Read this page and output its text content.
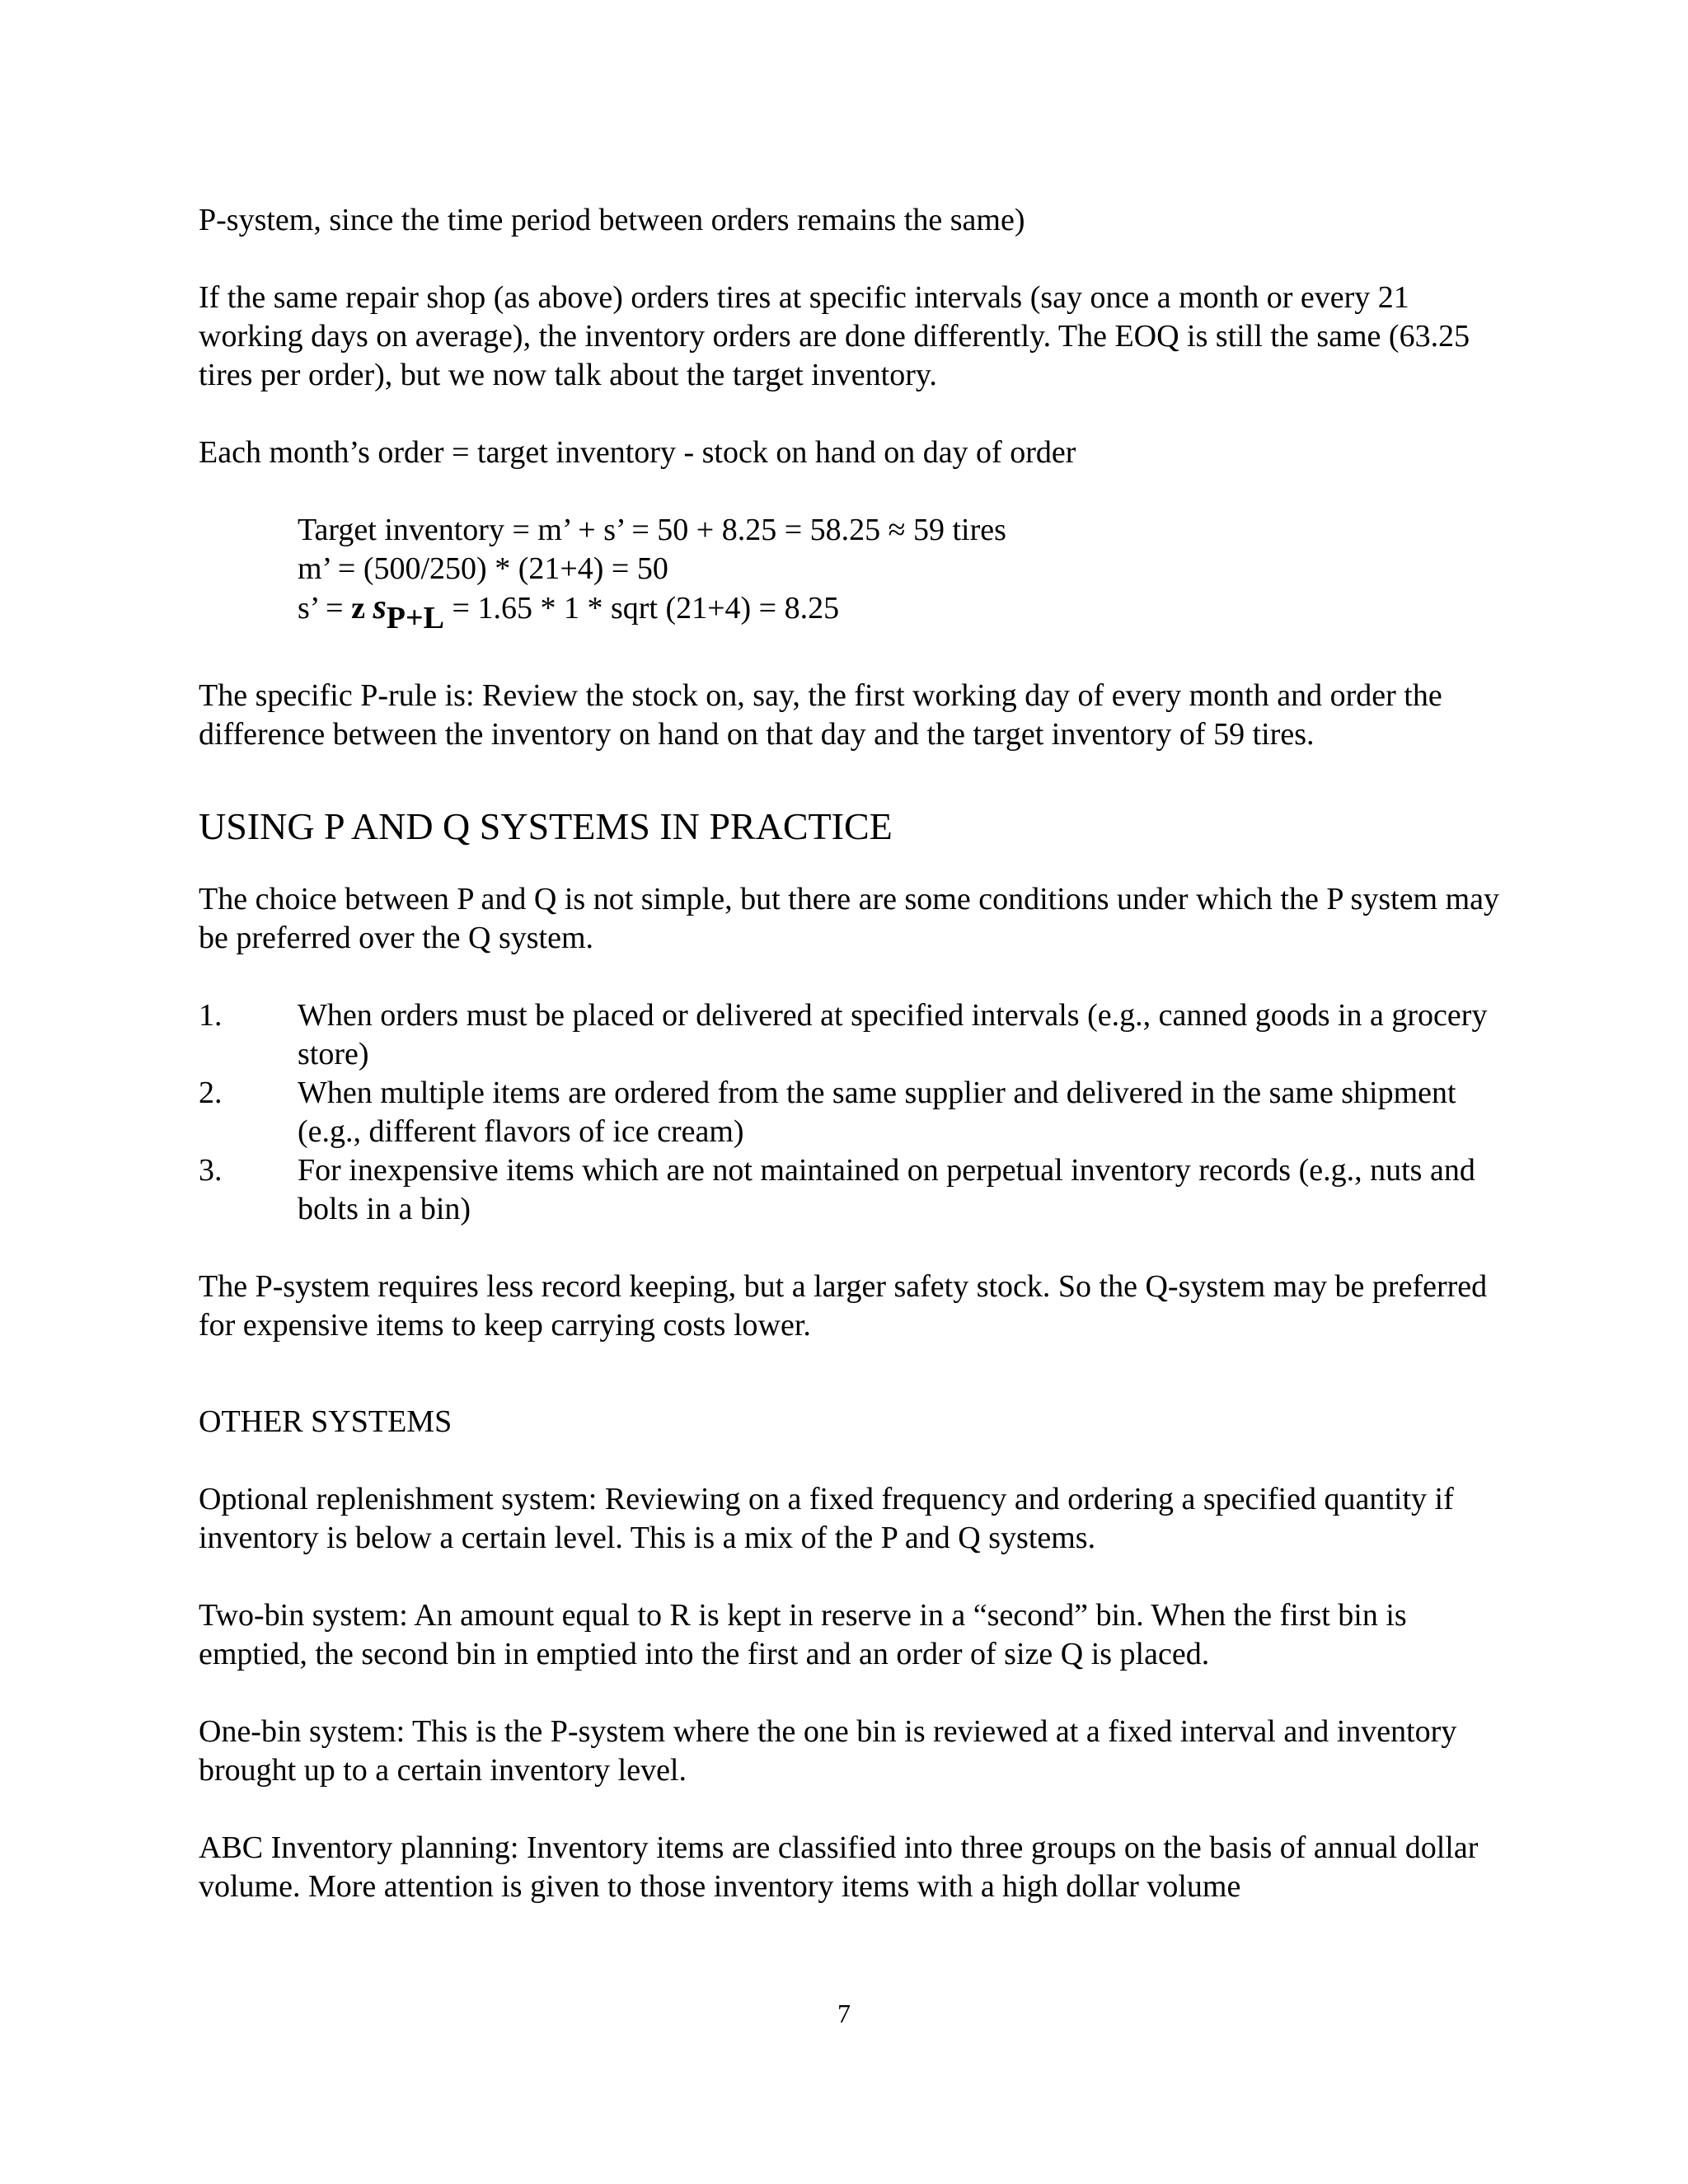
P-system, since the time period between orders remains the same)

If the same repair shop (as above) orders tires at specific intervals (say once a month or every 21 working days on average), the inventory orders are done differently. The EOQ is still the same (63.25 tires per order), but we now talk about the target inventory.

Each month’s order = target inventory - stock on hand on day of order

Target inventory = m’ + s’ = 50 + 8.25 = 58.25 ≈ 59 tires
m’ = (500/250) * (21+4) = 50
s’ = z sP+L = 1.65 * 1 * sqrt (21+4) = 8.25

The specific P-rule is: Review the stock on, say, the first working day of every month and order the difference between the inventory on hand on that day and the target inventory of 59 tires.

USING P AND Q SYSTEMS IN PRACTICE

The choice between P and Q is not simple, but there are some conditions under which the P system may be preferred over the Q system.

1.	When orders must be placed or delivered at specified intervals (e.g., canned goods in a grocery store)
2.	When multiple items are ordered from the same supplier and delivered in the same shipment (e.g., different flavors of ice cream)
3.	For inexpensive items which are not maintained on perpetual inventory records (e.g., nuts and bolts in a bin)

The P-system requires less record keeping, but a larger safety stock. So the Q-system may be preferred for expensive items to keep carrying costs lower.

OTHER SYSTEMS

Optional replenishment system: Reviewing on a fixed frequency and ordering a specified quantity if inventory is below a certain level. This is a mix of the P and Q systems.

Two-bin system: An amount equal to R is kept in reserve in a “second” bin. When the first bin is emptied, the second bin in emptied into the first and an order of size Q is placed.

One-bin system: This is the P-system where the one bin is reviewed at a fixed interval and inventory brought up to a certain inventory level.

ABC Inventory planning: Inventory items are classified into three groups on the basis of annual dollar volume. More attention is given to those inventory items with a high dollar volume

7
